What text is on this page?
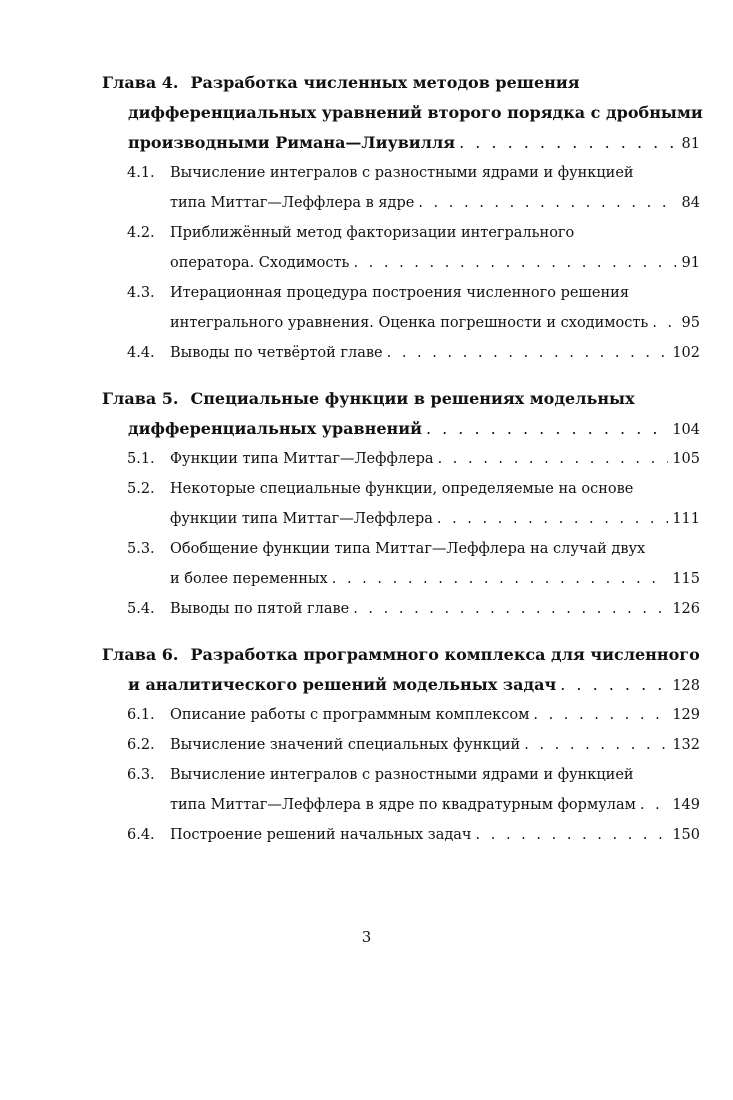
Глава 4. Разработка численных методов решения
дифференциальных уравнений второго порядка с дробными
производными Римана—Лиувилля . . .	81
4.1.	Вычисление интегралов с разностными ядрами и функцией
типа Миттаг—Леффлера в ядре . . .	84
4.2.	Приближённый метод факторизации интегрального
оператора. Сходимость . . .	91
4.3.	Итерационная процедура построения численного решения
интегрального уравнения. Оценка погрешности и сходимость . . . 95
4.4.	Выводы по четвёртой главе . . .	102
Глава 5. Специальные функции в решениях модельных
дифференциальных уравнений . . .	104
5.1.	Функции типа Миттаг—Леффлера . . .	105
5.2.	Некоторые специальные функции, определяемые на основе
функции типа Миттаг—Леффлера . . .	111
5.3.	Обобщение функции типа Миттаг—Леффлера на случай двух
и более переменных . . .	115
5.4.	Выводы по пятой главе . . .	126
Глава 6. Разработка программного комплекса для численного
и аналитического решений модельных задач . . .	128
6.1.	Описание работы с программным комплексом . . .	129
6.2.	Вычисление значений специальных функций . . .	132
6.3.	Вычисление интегралов с разностными ядрами и функцией
типа Миттаг—Леффлера в ядре по квадратурным формулам . . .	149
6.4.	Построение решений начальных задач . . .	150
3
